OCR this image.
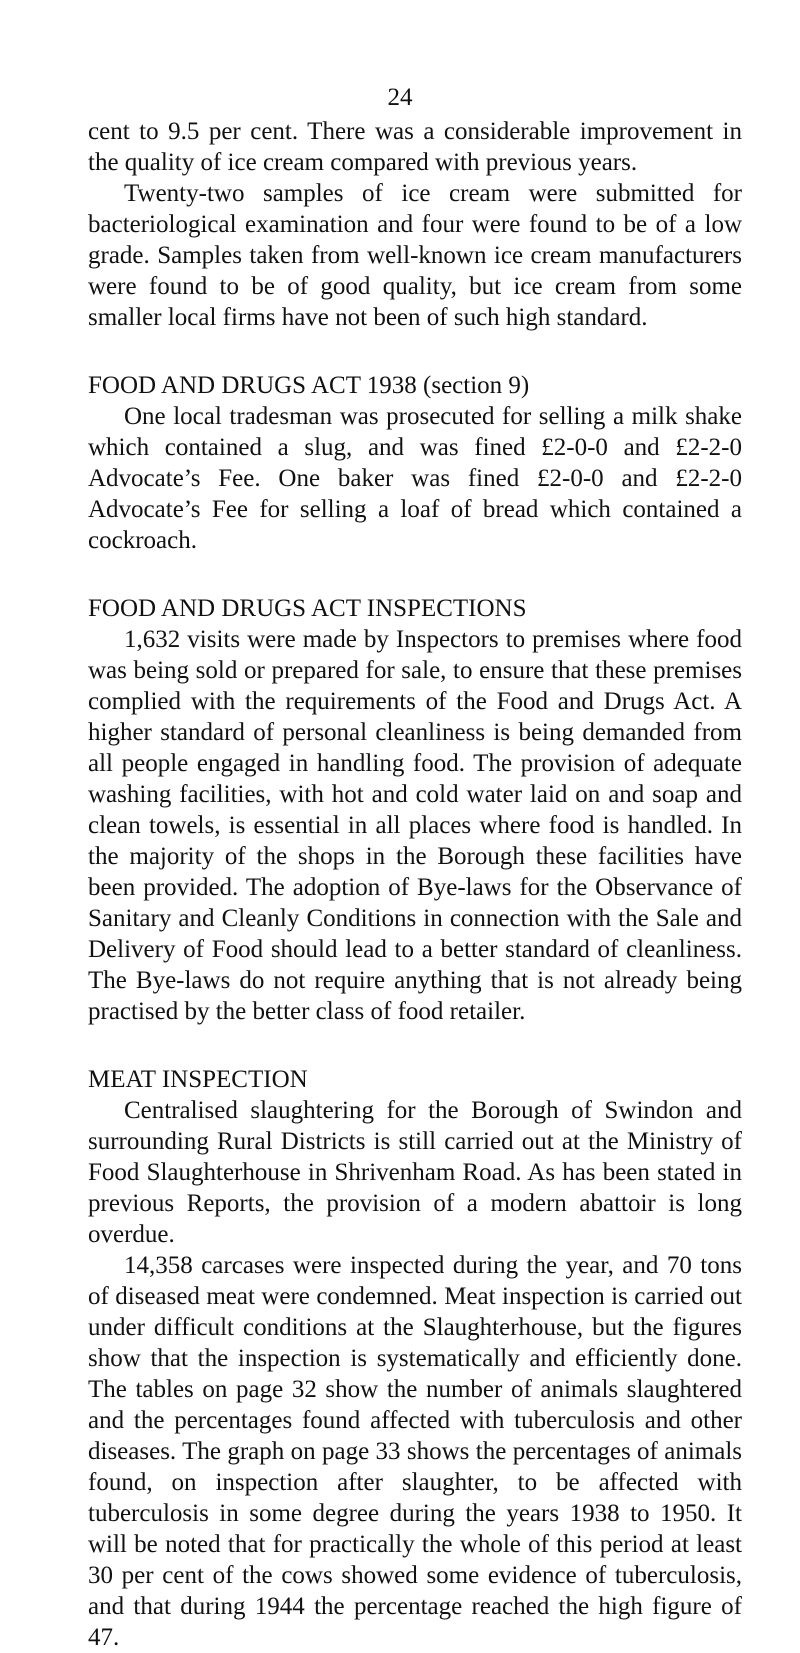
24

cent to 9.5 per cent. There was a considerable improvement in the quality of ice cream compared with previous years.

Twenty-two samples of ice cream were submitted for bacteriological examination and four were found to be of a low grade. Samples taken from well-known ice cream manufacturers were found to be of good quality, but ice cream from some smaller local firms have not been of such high standard.

FOOD AND DRUGS ACT 1938 (section 9)

One local tradesman was prosecuted for selling a milk shake which contained a slug, and was fined £2-0-0 and £2-2-0 Advocate’s Fee. One baker was fined £2-0-0 and £2-2-0 Advocate’s Fee for selling a loaf of bread which contained a cockroach.

FOOD AND DRUGS ACT INSPECTIONS

1,632 visits were made by Inspectors to premises where food was being sold or prepared for sale, to ensure that these premises complied with the requirements of the Food and Drugs Act. A higher standard of personal cleanliness is being demanded from all people engaged in handling food. The provision of adequate washing facilities, with hot and cold water laid on and soap and clean towels, is essential in all places where food is handled. In the majority of the shops in the Borough these facilities have been provided. The adoption of Bye-laws for the Observance of Sanitary and Cleanly Conditions in connection with the Sale and Delivery of Food should lead to a better standard of cleanliness. The Bye-laws do not require anything that is not already being practised by the better class of food retailer.

MEAT INSPECTION

Centralised slaughtering for the Borough of Swindon and surrounding Rural Districts is still carried out at the Ministry of Food Slaughterhouse in Shrivenham Road. As has been stated in previous Reports, the provision of a modern abattoir is long overdue.

14,358 carcases were inspected during the year, and 70 tons of diseased meat were condemned. Meat inspection is carried out under difficult conditions at the Slaughterhouse, but the figures show that the inspection is systematically and efficiently done. The tables on page 32 show the number of animals slaughtered and the percentages found affected with tuberculosis and other diseases. The graph on page 33 shows the percentages of animals found, on inspection after slaughter, to be affected with tuberculosis in some degree during the years 1938 to 1950. It will be noted that for practically the whole of this period at least 30 per cent of the cows showed some evidence of tuberculosis, and that during 1944 the percentage reached the high figure of 47.
